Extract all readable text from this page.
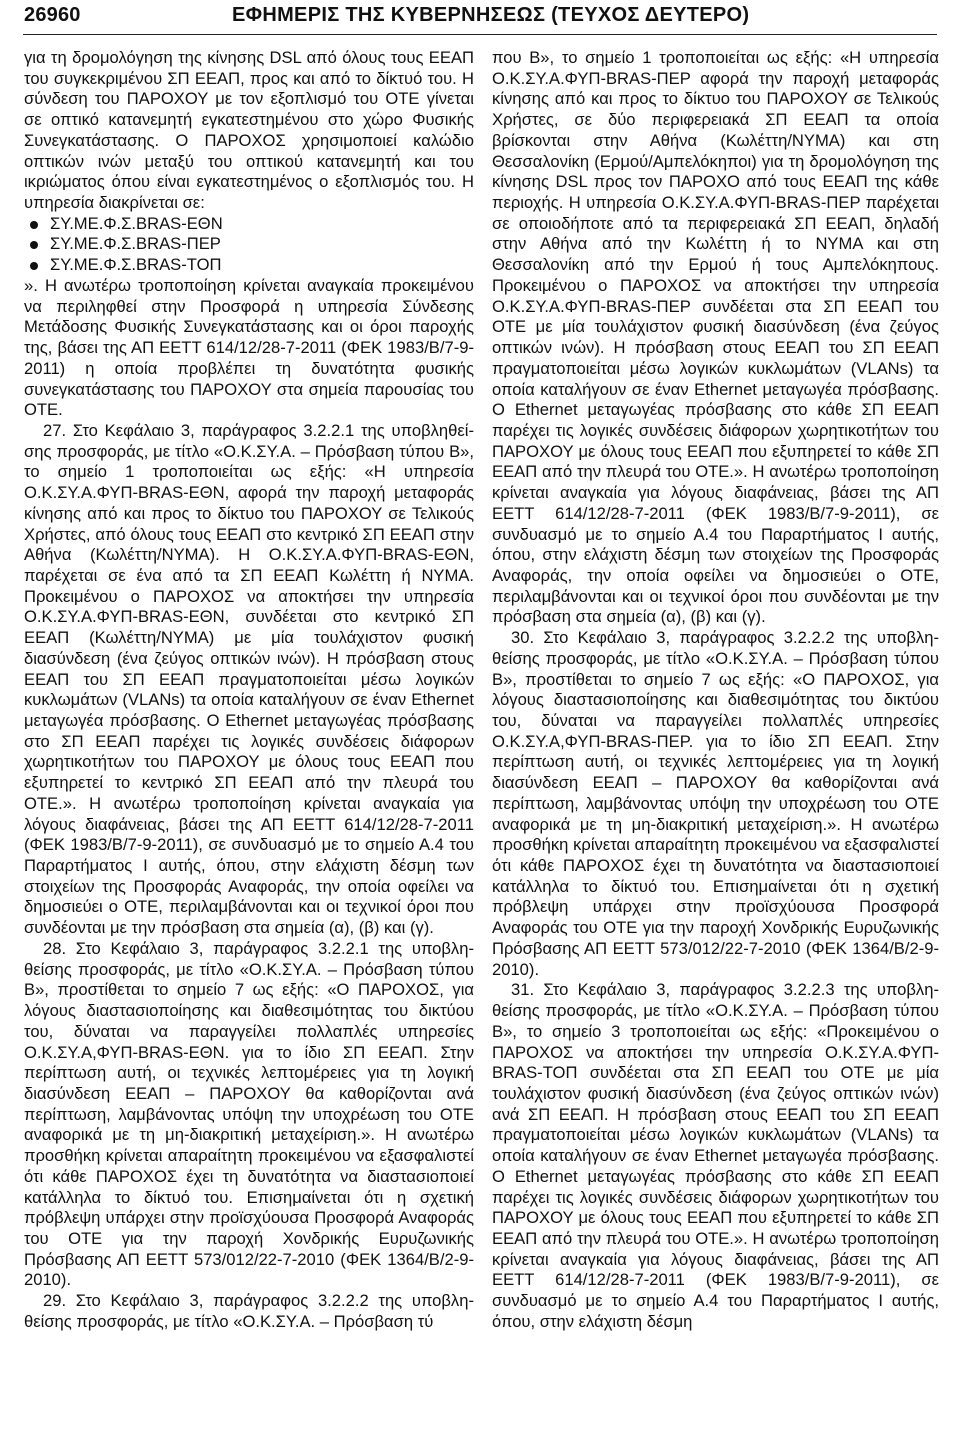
26960	ΕΦΗΜΕΡΙΣ ΤΗΣ ΚΥΒΕΡΝΗΣΕΩΣ (ΤΕΥΧΟΣ ΔΕΥΤΕΡΟ)

για τη δρομολόγηση της κίνησης DSL από όλους τους ΕΕΑΠ του συγκεκριμένου ΣΠ ΕΕΑΠ, προς και από το δίκτυό του. Η σύνδεση του ΠΑΡΟΧΟΥ με τον εξοπλισμό του ΟΤΕ γίνεται σε οπτικό κατανεμητή εγκατεστημένου στο χώρο Φυσικής Συνεγκατάστασης. Ο ΠΑΡΟΧΟΣ χρησιμοποιεί καλώδιο οπτικών ινών μεταξύ του οπτικού κατανεμητή και του ικριώματος όπου είναι εγκατεστημένος ο εξοπλισμός του. Η υπηρεσία διακρίνεται σε:

ΣΥ.ΜΕ.Φ.Σ.BRAS-ΕΘΝ
ΣΥ.ΜΕ.Φ.Σ.BRAS-ΠΕΡ
ΣΥ.ΜΕ.Φ.Σ.BRAS-ΤΟΠ

». Η ανωτέρω τροποποίηση κρίνεται αναγκαία προκειμένου να περιληφθεί στην Προσφορά η υπηρεσία Σύνδεσης Μετάδοσης Φυσικής Συνεγκατάστασης και οι όροι παροχής της, βάσει της ΑΠ ΕΕΤΤ 614/12/28-7-2011 (ΦΕΚ 1983/Β/7-9-2011) η οποία προβλέπει τη δυνατότητα φυσικής συνεγκατάστασης του ΠΑΡΟΧΟΥ στα σημεία παρουσίας του ΟΤΕ.

27. Στο Κεφάλαιο 3, παράγραφος 3.2.2.1 της υποβληθείσης προσφοράς, με τίτλο «Ο.Κ.ΣΥ.Α. – Πρόσβαση τύπου Β», το σημείο 1 τροποποιείται ως εξής: «Η υπηρεσία Ο.Κ.ΣΥ.Α.ΦΥΠ-BRAS-ΕΘΝ, αφορά την παροχή μεταφοράς κίνησης από και προς το δίκτυο του ΠΑΡΟΧΟΥ σε Τελικούς Χρήστες, από όλους τους ΕΕΑΠ στο κεντρικό ΣΠ ΕΕΑΠ στην Αθήνα (Κωλέττη/ΝΥΜΑ). Η Ο.Κ.ΣΥ.Α.ΦΥΠ-BRAS-ΕΘΝ, παρέχεται σε ένα από τα ΣΠ ΕΕΑΠ Κωλέττη ή ΝΥΜΑ. Προκειμένου ο ΠΑΡΟΧΟΣ να αποκτήσει την υπηρεσία Ο.Κ.ΣΥ.Α.ΦΥΠ-BRAS-ΕΘΝ, συνδέεται στο κεντρικό ΣΠ ΕΕΑΠ (Κωλέττη/ΝΥΜΑ) με μία τουλάχιστον φυσική διασύνδεση (ένα ζεύγος οπτικών ινών). Η πρόσβαση στους ΕΕΑΠ του ΣΠ ΕΕΑΠ πραγματοποιείται μέσω λογικών κυκλωμάτων (VLANs) τα οποία καταλήγουν σε έναν Ethernet μεταγωγέα πρόσβασης. Ο Ethernet μεταγωγέας πρόσβασης στο ΣΠ ΕΕΑΠ παρέχει τις λογικές συνδέσεις διάφορων χωρητικοτήτων του ΠΑΡΟΧΟΥ με όλους τους ΕΕΑΠ που εξυπηρετεί το κεντρικό ΣΠ ΕΕΑΠ από την πλευρά του ΟΤΕ.». Η ανωτέρω τροποποίηση κρίνεται αναγκαία για λόγους διαφάνειας, βάσει της ΑΠ ΕΕΤΤ 614/12/28-7-2011 (ΦΕΚ 1983/Β/7-9-2011), σε συνδυασμό με το σημείο Α.4 του Παραρτήματος Ι αυτής, όπου, στην ελάχιστη δέσμη των στοιχείων της Προσφοράς Αναφοράς, την οποία οφείλει να δημοσιεύει ο ΟΤΕ, περιλαμβάνονται και οι τεχνικοί όροι που συνδέονται με την πρόσβαση στα σημεία (α), (β) και (γ).

28. Στο Κεφάλαιο 3, παράγραφος 3.2.2.1 της υποβληθείσης προσφοράς, με τίτλο «Ο.Κ.ΣΥ.Α. – Πρόσβαση τύπου Β», προστίθεται το σημείο 7 ως εξής: «Ο ΠΑΡΟΧΟΣ, για λόγους διαστασιοποίησης και διαθεσιμότητας του δικτύου του, δύναται να παραγγείλει πολλαπλές υπηρεσίες Ο.Κ.ΣΥ.Α,ΦΥΠ-BRAS-ΕΘΝ. για το ίδιο ΣΠ ΕΕΑΠ. Στην περίπτωση αυτή, οι τεχνικές λεπτομέρειες για τη λογική διασύνδεση ΕΕΑΠ – ΠΑΡΟΧΟΥ θα καθορίζονται ανά περίπτωση, λαμβάνοντας υπόψη την υποχρέωση του ΟΤΕ αναφορικά με τη μη-διακριτική μεταχείριση.». Η ανωτέρω προσθήκη κρίνεται απαραίτητη προκειμένου να εξασφαλιστεί ότι κάθε ΠΑΡΟΧΟΣ έχει τη δυνατότητα να διαστασιοποιεί κατάλληλα το δίκτυό του. Επισημαίνεται ότι η σχετική πρόβλεψη υπάρχει στην προϊσχύουσα Προσφορά Αναφοράς του ΟΤΕ για την παροχή Χονδρικής Ευρυζωνικής Πρόσβασης ΑΠ ΕΕΤΤ 573/012/22-7-2010 (ΦΕΚ 1364/Β/2-9-2010).

29. Στο Κεφάλαιο 3, παράγραφος 3.2.2.2 της υποβληθείσης προσφοράς, με τίτλο «Ο.Κ.ΣΥ.Α. – Πρόσβαση τύ

που Β», το σημείο 1 τροποποιείται ως εξής: «Η υπηρεσία Ο.Κ.ΣΥ.Α.ΦΥΠ-BRAS-ΠΕΡ αφορά την παροχή μεταφοράς κίνησης από και προς το δίκτυο του ΠΑΡΟΧΟΥ σε Τελικούς Χρήστες, σε δύο περιφερειακά ΣΠ ΕΕΑΠ τα οποία βρίσκονται στην Αθήνα (Κωλέττη/ΝΥΜΑ) και στη Θεσσαλονίκη (Ερμού/Αμπελόκηποι) για τη δρομολόγηση της κίνησης DSL προς τον ΠΑΡΟΧΟ από τους ΕΕΑΠ της κάθε περιοχής. Η υπηρεσία Ο.Κ.ΣΥ.Α.ΦΥΠ-BRAS-ΠΕΡ παρέχεται σε οποιοδήποτε από τα περιφερειακά ΣΠ ΕΕΑΠ, δηλαδή στην Αθήνα από την Κωλέττη ή το ΝΥΜΑ και στη Θεσσαλονίκη από την Ερμού ή τους Αμπελόκηπους. Προκειμένου ο ΠΑΡΟΧΟΣ να αποκτήσει την υπηρεσία Ο.Κ.ΣΥ.Α.ΦΥΠ-BRAS-ΠΕΡ συνδέεται στα ΣΠ ΕΕΑΠ του ΟΤΕ με μία τουλάχιστον φυσική διασύνδεση (ένα ζεύγος οπτικών ινών). Η πρόσβαση στους ΕΕΑΠ του ΣΠ ΕΕΑΠ πραγματοποιείται μέσω λογικών κυκλωμάτων (VLANs) τα οποία καταλήγουν σε έναν Ethernet μεταγωγέα πρόσβασης. Ο Ethernet μεταγωγέας πρόσβασης στο κάθε ΣΠ ΕΕΑΠ παρέχει τις λογικές συνδέσεις διάφορων χωρητικοτήτων του ΠΑΡΟΧΟΥ με όλους τους ΕΕΑΠ που εξυπηρετεί το κάθε ΣΠ ΕΕΑΠ από την πλευρά του ΟΤΕ.». Η ανωτέρω τροποποίηση κρίνεται αναγκαία για λόγους διαφάνειας, βάσει της ΑΠ ΕΕΤΤ 614/12/28-7-2011 (ΦΕΚ 1983/Β/7-9-2011), σε συνδυασμό με το σημείο Α.4 του Παραρτήματος Ι αυτής, όπου, στην ελάχιστη δέσμη των στοιχείων της Προσφοράς Αναφοράς, την οποία οφείλει να δημοσιεύει ο ΟΤΕ, περιλαμβάνονται και οι τεχνικοί όροι που συνδέονται με την πρόσβαση στα σημεία (α), (β) και (γ).

30. Στο Κεφάλαιο 3, παράγραφος 3.2.2.2 της υποβληθείσης προσφοράς, με τίτλο «Ο.Κ.ΣΥ.Α. – Πρόσβαση τύπου Β», προστίθεται το σημείο 7 ως εξής: «Ο ΠΑΡΟΧΟΣ, για λόγους διαστασιοποίησης και διαθεσιμότητας του δικτύου του, δύναται να παραγγείλει πολλαπλές υπηρεσίες Ο.Κ.ΣΥ.Α,ΦΥΠ-BRAS-ΠΕΡ. για το ίδιο ΣΠ ΕΕΑΠ. Στην περίπτωση αυτή, οι τεχνικές λεπτομέρειες για τη λογική διασύνδεση ΕΕΑΠ – ΠΑΡΟΧΟΥ θα καθορίζονται ανά περίπτωση, λαμβάνοντας υπόψη την υποχρέωση του ΟΤΕ αναφορικά με τη μη-διακριτική μεταχείριση.». Η ανωτέρω προσθήκη κρίνεται απαραίτητη προκειμένου να εξασφαλιστεί ότι κάθε ΠΑΡΟΧΟΣ έχει τη δυνατότητα να διαστασιοποιεί κατάλληλα το δίκτυό του. Επισημαίνεται ότι η σχετική πρόβλεψη υπάρχει στην προϊσχύουσα Προσφορά Αναφοράς του ΟΤΕ για την παροχή Χονδρικής Ευρυζωνικής Πρόσβασης ΑΠ ΕΕΤΤ 573/012/22-7-2010 (ΦΕΚ 1364/Β/2-9-2010).

31. Στο Κεφάλαιο 3, παράγραφος 3.2.2.3 της υποβληθείσης προσφοράς, με τίτλο «Ο.Κ.ΣΥ.Α. – Πρόσβαση τύπου Β», το σημείο 3 τροποποιείται ως εξής: «Προκειμένου ο ΠΑΡΟΧΟΣ να αποκτήσει την υπηρεσία Ο.Κ.ΣΥ.Α.ΦΥΠ-BRAS-ΤΟΠ συνδέεται στα ΣΠ ΕΕΑΠ του ΟΤΕ με μία τουλάχιστον φυσική διασύνδεση (ένα ζεύγος οπτικών ινών) ανά ΣΠ ΕΕΑΠ. Η πρόσβαση στους ΕΕΑΠ του ΣΠ ΕΕΑΠ πραγματοποιείται μέσω λογικών κυκλωμάτων (VLANs) τα οποία καταλήγουν σε έναν Ethernet μεταγωγέα πρόσβασης. Ο Ethernet μεταγωγέας πρόσβασης στο κάθε ΣΠ ΕΕΑΠ παρέχει τις λογικές συνδέσεις διάφορων χωρητικοτήτων του ΠΑΡΟΧΟΥ με όλους τους ΕΕΑΠ που εξυπηρετεί το κάθε ΣΠ ΕΕΑΠ από την πλευρά του ΟΤΕ.». Η ανωτέρω τροποποίηση κρίνεται αναγκαία για λόγους διαφάνειας, βάσει της ΑΠ ΕΕΤΤ 614/12/28-7-2011 (ΦΕΚ 1983/Β/7-9-2011), σε συνδυασμό με το σημείο Α.4 του Παραρτήματος Ι αυτής, όπου, στην ελάχιστη δέσμη
